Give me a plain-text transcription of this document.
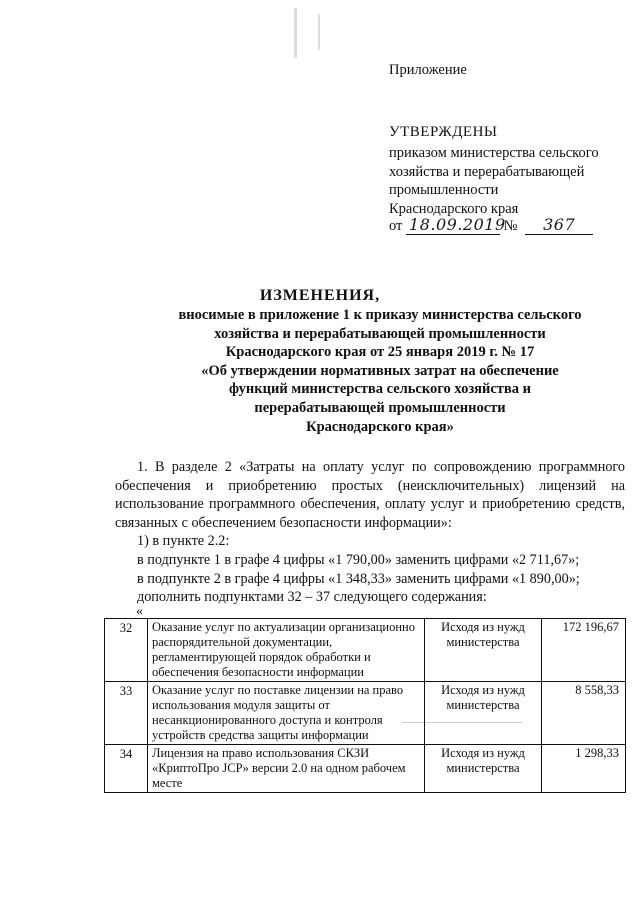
Приложение
УТВЕРЖДЕНЫ
приказом министерства сельского
хозяйства и перерабатывающей
промышленности
Краснодарского края
от 18.09.2019 № 367
ИЗМЕНЕНИЯ,
вносимые в приложение 1 к приказу министерства сельского
хозяйства и перерабатывающей промышленности
Краснодарского края от 25 января 2019 г. № 17
«Об утверждении нормативных затрат на обеспечение
функций министерства сельского хозяйства и
перерабатывающей промышленности
Краснодарского края»

1. В разделе 2 «Затраты на оплату услуг по сопровождению программного обеспечения и приобретению простых (неисключительных) лицензий на использование программного обеспечения, оплату услуг и приобретению средств, связанных с обеспечением безопасности информации»:

1) в пункте 2.2:

в подпункте 1 в графе 4 цифры «1 790,00» заменить цифрами «2 711,67»;

в подпункте 2 в графе 4 цифры «1 348,33» заменить цифрами «1 890,00»;

дополнить подпунктами 32 – 37 следующего содержания:

«
32	Оказание услуг по актуализации организационно распорядительной документации, регламентирующей порядок обработки и обеспечения безопасности информации	Исходя из нужд министерства	172 196,67
33	Оказание услуг по поставке лицензии на право использования модуля защиты от несанкционированного доступа и контроля устройств средства защиты информации	Исходя из нужд министерства	8 558,33
34	Лицензия на право использования СКЗИ «КриптоПро JCP» версии 2.0 на одном рабочем месте	Исходя из нужд министерства	1 298,33
